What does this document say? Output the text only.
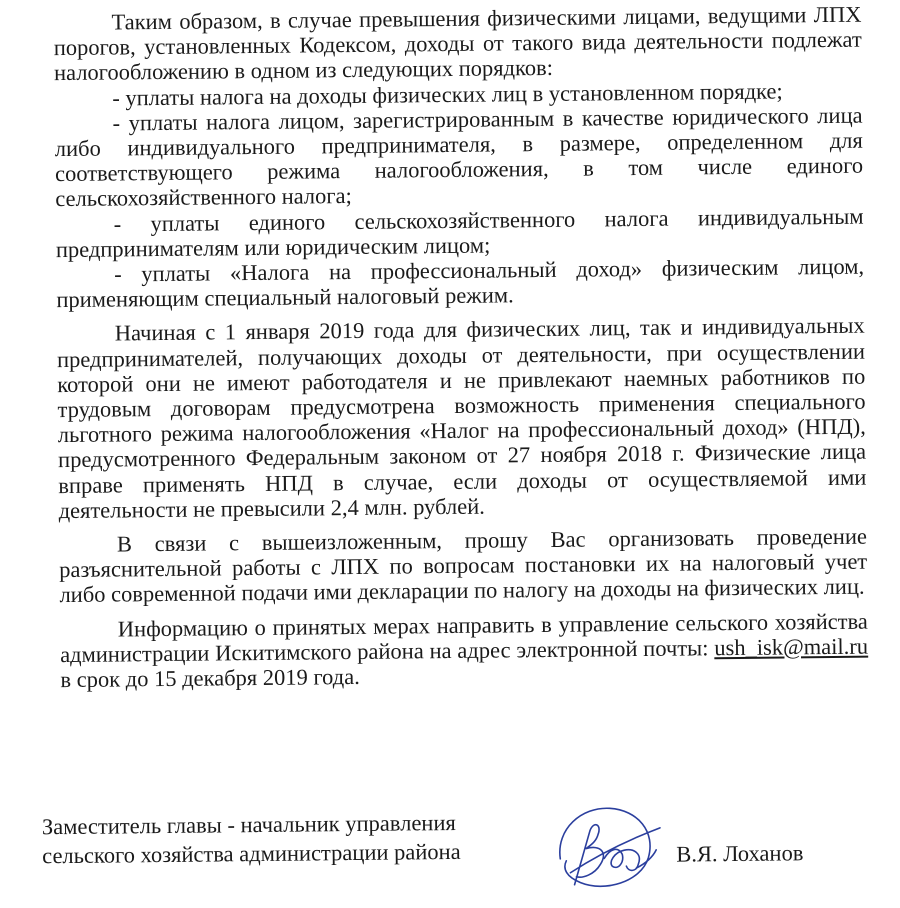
Таким образом, в случае превышения физическими лицами, ведущими ЛПХ порогов, установленных Кодексом, доходы от такого вида деятельности подлежат налогообложению в одном из следующих порядков:

- уплаты налога на доходы физических лиц в установленном порядке;

- уплаты налога лицом, зарегистрированным в качестве юридического лица либо индивидуального предпринимателя, в размере, определенном для соответствующего режима налогообложения, в том числе единого сельскохозяйственного налога;

- уплаты единого сельскохозяйственного налога индивидуальным предпринимателям или юридическим лицом;

- уплаты «Налога на профессиональный доход» физическим лицом, применяющим специальный налоговый режим.

Начиная с 1 января 2019 года для физических лиц, так и индивидуальных предпринимателей, получающих доходы от деятельности, при осуществлении которой они не имеют работодателя и не привлекают наемных работников по трудовым договорам предусмотрена возможность применения специального льготного режима налогообложения «Налог на профессиональный доход» (НПД), предусмотренного Федеральным законом от 27 ноября 2018 г. Физические лица вправе применять НПД в случае, если доходы от осуществляемой ими деятельности не превысили 2,4 млн. рублей.

В связи с вышеизложенным, прошу Вас организовать проведение разъяснительной работы с ЛПХ по вопросам постановки их на налоговый учет либо современной подачи ими декларации по налогу на доходы на физических лиц.

Информацию о принятых мерах направить в управление сельского хозяйства администрации Искитимского района на адрес электронной почты: ush_isk@mail.ru в срок до 15 декабря 2019 года.

Заместитель главы - начальник управления
сельского хозяйства администрации района	В.Я. Лоханов
